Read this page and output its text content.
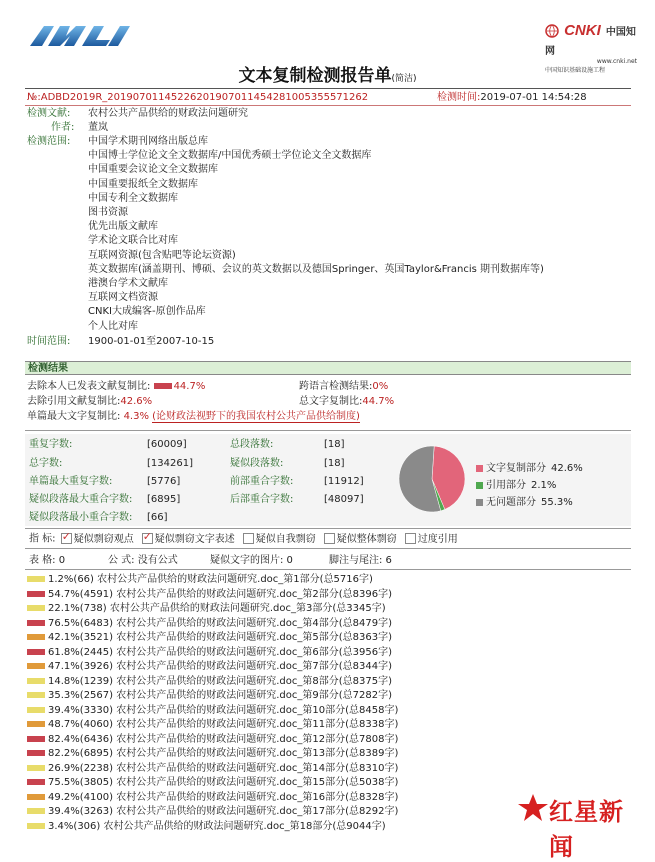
CNKI 中国知网
www.cnki.net
中国知识基础设施工程
文本复制检测报告单(简洁)
№:ADBD2019R_20190701145226201907011454281005355571262	检测时间:2019-07-01 14:54:28
检测文献: 农村公共产品供给的财政法问题研究
作者: 董岚
检测范围: 中国学术期刊网络出版总库
中国博士学位论文全文数据库/中国优秀硕士学位论文全文数据库
中国重要会议论文全文数据库
中国重要报纸全文数据库
中国专利全文数据库
图书资源
优先出版文献库
学术论文联合比对库
互联网资源(包含贴吧等论坛资源)
英文数据库(涵盖期刊、博硕、会议的英文数据以及德国Springer、英国Taylor&Francis 期刊数据库等)
港澳台学术文献库
互联网文档资源
CNKI大成编客-原创作品库
个人比对库
时间范围: 1900-01-01至2007-10-15
检测结果
去除本人已发表文献复制比: 44.7%	跨语言检测结果:0%
去除引用文献复制比:42.6%	总文字复制比:44.7%
单篇最大文字复制比: 4.3% (论财政法视野下的我国农村公共产品供给制度)
重复字数:	[60009]	总段落数:	[18]
总字数:	[134261]	疑似段落数:	[18]
单篇最大重复字数:	[5776]	前部重合字数:	[11912]
疑似段落最大重合字数: [6895]	后部重合字数:	[48097]
疑似段落最小重合字数: [66]
文字复制部分 42.6%
引用部分 2.1%
无问题部分 55.3%
指 标: ✓ 疑似剽窃观点 ✓ 疑似剽窃文字表述 疑似自我剽窃 疑似整体剽窃 过度引用
表 格: 0	公 式: 没有公式	疑似文字的图片: 0	脚注与尾注: 6
1.2%(66) 农村公共产品供给的财政法问题研究.doc_第1部分(总5716字)
54.7%(4591) 农村公共产品供给的财政法问题研究.doc_第2部分(总8396字)
22.1%(738) 农村公共产品供给的财政法问题研究.doc_第3部分(总3345字)
76.5%(6483) 农村公共产品供给的财政法问题研究.doc_第4部分(总8479字)
42.1%(3521) 农村公共产品供给的财政法问题研究.doc_第5部分(总8363字)
61.8%(2445) 农村公共产品供给的财政法问题研究.doc_第6部分(总3956字)
47.1%(3926) 农村公共产品供给的财政法问题研究.doc_第7部分(总8344字)
14.8%(1239) 农村公共产品供给的财政法问题研究.doc_第8部分(总8375字)
35.3%(2567) 农村公共产品供给的财政法问题研究.doc_第9部分(总7282字)
39.4%(3330) 农村公共产品供给的财政法问题研究.doc_第10部分(总8458字)
48.7%(4060) 农村公共产品供给的财政法问题研究.doc_第11部分(总8338字)
82.4%(6436) 农村公共产品供给的财政法问题研究.doc_第12部分(总7808字)
82.2%(6895) 农村公共产品供给的财政法问题研究.doc_第13部分(总8389字)
26.9%(2238) 农村公共产品供给的财政法问题研究.doc_第14部分(总8310字)
75.5%(3805) 农村公共产品供给的财政法问题研究.doc_第15部分(总5038字)
49.2%(4100) 农村公共产品供给的财政法问题研究.doc_第16部分(总8328字)
39.4%(3263) 农村公共产品供给的财政法问题研究.doc_第17部分(总8292字)
3.4%(306) 农村公共产品供给的财政法问题研究.doc_第18部分(总9044字)	红星新闻
